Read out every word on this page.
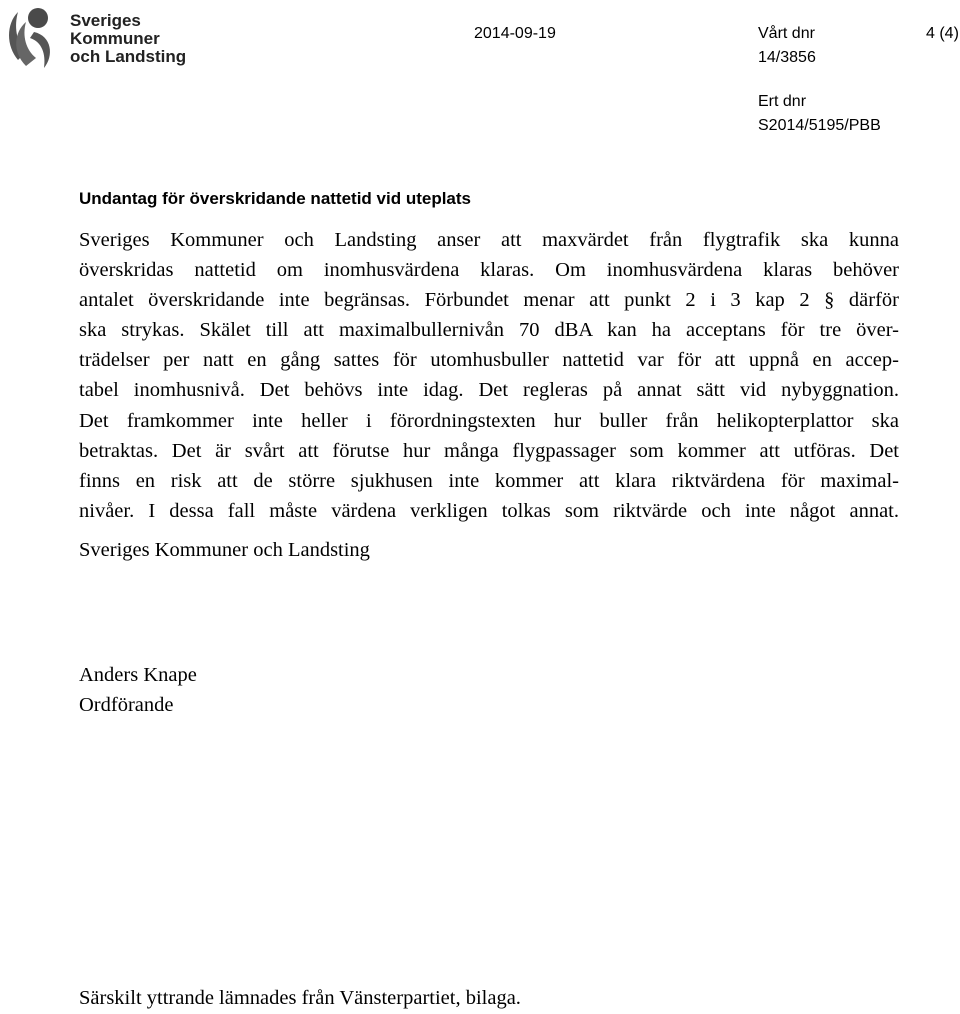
Sveriges
Kommuner
och Landsting
2014-09-19	Vårt dnr
14/3856
4 (4)
Ert dnr
S2014/5195/PBB
Undantag för överskridande nattetid vid uteplats
Sveriges Kommuner och Landsting anser att maxvärdet från flygtrafik ska kunna
överskridas nattetid om inomhusvärdena klaras. Om inomhusvärdena klaras behöver
antalet överskridande inte begränsas. Förbundet menar att punkt 2 i 3 kap 2 § därför
ska strykas. Skälet till att maximalbullernivån 70 dBA kan ha acceptans för tre över-
trädelser per natt en gång sattes för utomhusbuller nattetid var för att uppnå en accep-
tabel inomhusnivå. Det behövs inte idag. Det regleras på annat sätt vid nybyggnation.
Det framkommer inte heller i förordningstexten hur buller från helikopterplattor ska
betraktas. Det är svårt att förutse hur många flygpassager som kommer att utföras. Det
finns en risk att de större sjukhusen inte kommer att klara riktvärdena för maximal-
nivåer. I dessa fall måste värdena verkligen tolkas som riktvärde och inte något annat.
Sveriges Kommuner och Landsting
Anders Knape
Ordförande
Särskilt yttrande lämnades från Vänsterpartiet, bilaga.
